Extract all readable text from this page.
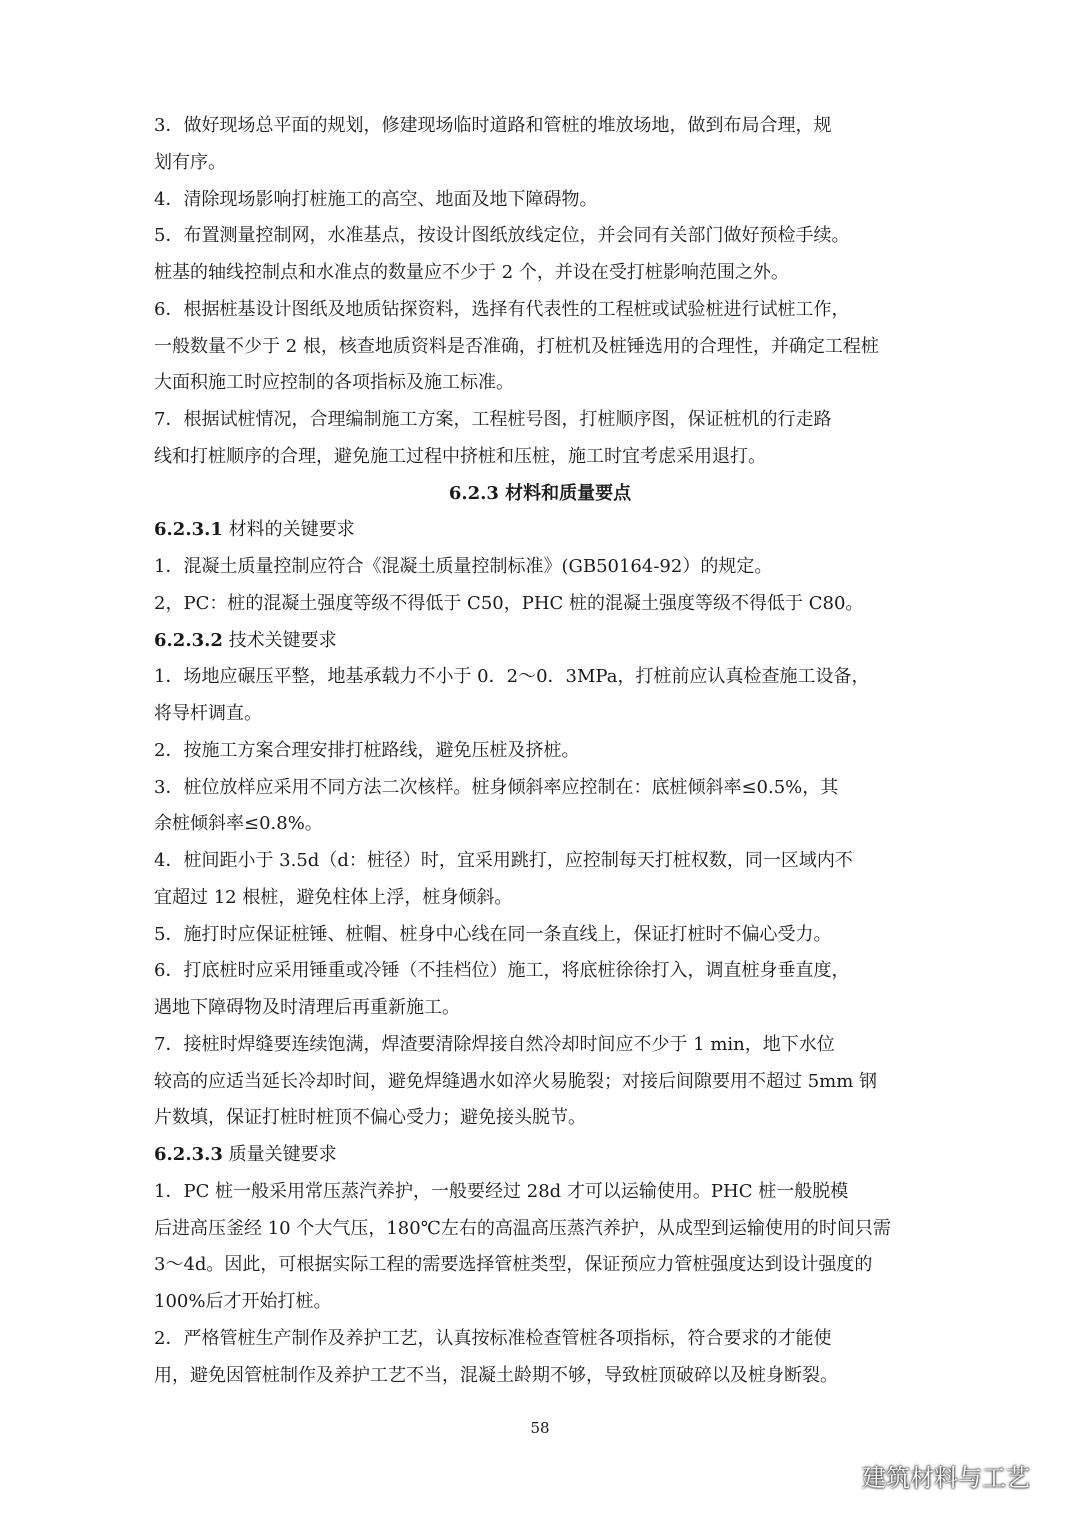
3．做好现场总平面的规划，修建现场临时道路和管桩的堆放场地，做到布局合理，规
划有序。
4．清除现场影响打桩施工的高空、地面及地下障碍物。
5．布置测量控制网，水准基点，按设计图纸放线定位，并会同有关部门做好预检手续。
桩基的轴线控制点和水准点的数量应不少于 2 个，并设在受打桩影响范围之外。
6．根据桩基设计图纸及地质钻探资料，选择有代表性的工程桩或试验桩进行试桩工作，
一般数量不少于 2 根，核查地质资料是否准确，打桩机及桩锤选用的合理性，并确定工程桩
大面积施工时应控制的各项指标及施工标准。
7．根据试桩情况，合理编制施工方案，工程桩号图，打桩顺序图，保证桩机的行走路
线和打桩顺序的合理，避免施工过程中挤桩和压桩，施工时宜考虑采用退打。
6.2.3 材料和质量要点
6.2.3.1 材料的关键要求
1．混凝土质量控制应符合《混凝土质量控制标准》(GB50164-92）的规定。
2，PC：桩的混凝土强度等级不得低于 C50，PHC 桩的混凝土强度等级不得低于 C80。
6.2.3.2 技术关键要求
1．场地应碾压平整，地基承载力不小于 0．2～0．3MPa，打桩前应认真检查施工设备，
将导杆调直。
2．按施工方案合理安排打桩路线，避免压桩及挤桩。
3．桩位放样应采用不同方法二次核样。桩身倾斜率应控制在：底桩倾斜率≤0.5%，其
余桩倾斜率≤0.8%。
4．桩间距小于 3.5d（d：桩径）时，宜采用跳打，应控制每天打桩权数，同一区域内不
宜超过 12 根桩，避免柱体上浮，桩身倾斜。
5．施打时应保证桩锤、桩帽、桩身中心线在同一条直线上，保证打桩时不偏心受力。
6．打底桩时应采用锤重或冷锤（不挂档位）施工，将底桩徐徐打入，调直桩身垂直度，
遇地下障碍物及时清理后再重新施工。
7．接桩时焊缝要连续饱满，焊渣要清除焊接自然冷却时间应不少于 1 min，地下水位
较高的应适当延长冷却时间，避免焊缝遇水如淬火易脆裂；对接后间隙要用不超过 5mm 钢
片数填，保证打桩时桩顶不偏心受力；避免接头脱节。
6.2.3.3 质量关键要求
1．PC 桩一般采用常压蒸汽养护，一般要经过 28d 才可以运输使用。PHC 桩一般脱模
后进高压釜经 10 个大气压，180℃左右的高温高压蒸汽养护，从成型到运输使用的时间只需
3～4d。因此，可根据实际工程的需要选择管桩类型，保证预应力管桩强度达到设计强度的
100%后才开始打桩。
2．严格管桩生产制作及养护工艺，认真按标准检查管桩各项指标，符合要求的才能使
用，避免因管桩制作及养护工艺不当，混凝土龄期不够，导致桩顶破碎以及桩身断裂。
58
建筑材料与工艺
